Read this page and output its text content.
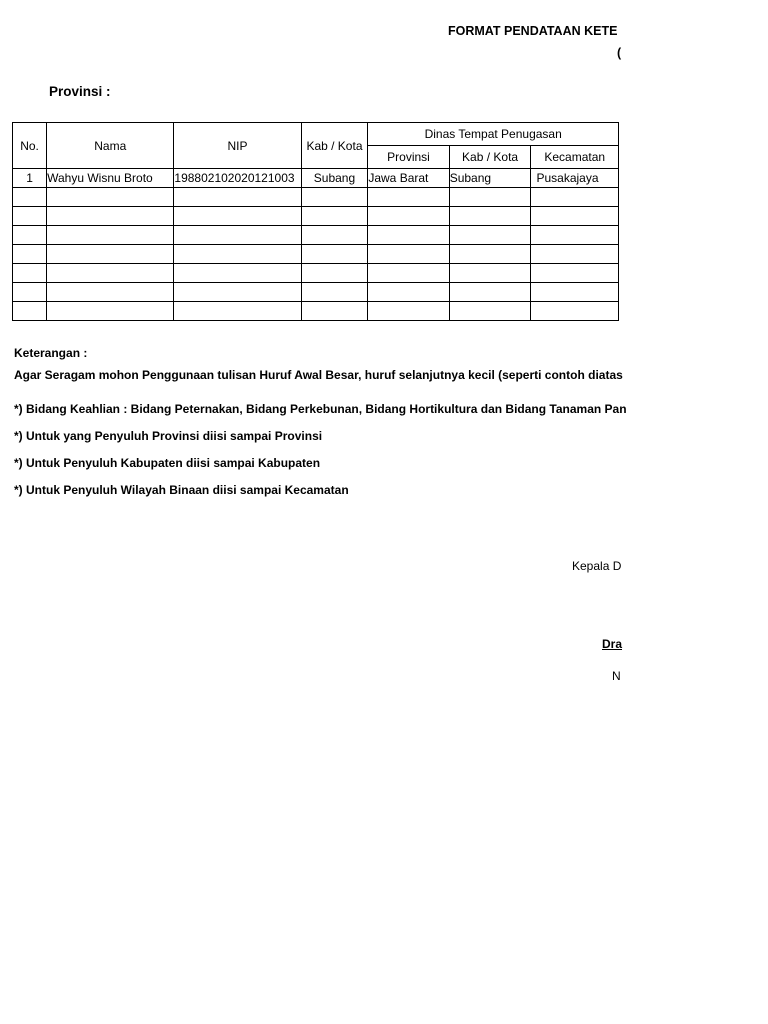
FORMAT PENDATAAN KETE
(
Provinsi :
No.	Nama	NIP	Kab / Kota	Dinas Tempat Penugasan		
				Provinsi	Kab / Kota	Kecamatan
1	Wahyu Wisnu Broto	198802102020121003	Subang	Jawa Barat	Subang	Pusakajaya

Keterangan :
Agar Seragam mohon Penggunaan tulisan Huruf Awal Besar, huruf selanjutnya kecil (seperti contoh diatas
*) Bidang Keahlian : Bidang Peternakan, Bidang Perkebunan, Bidang Hortikultura dan Bidang Tanaman Pan
*) Untuk yang Penyuluh Provinsi diisi sampai Provinsi
*) Untuk Penyuluh Kabupaten diisi sampai Kabupaten
*) Untuk Penyuluh Wilayah Binaan diisi sampai Kecamatan
Kepala D
Dra
N
